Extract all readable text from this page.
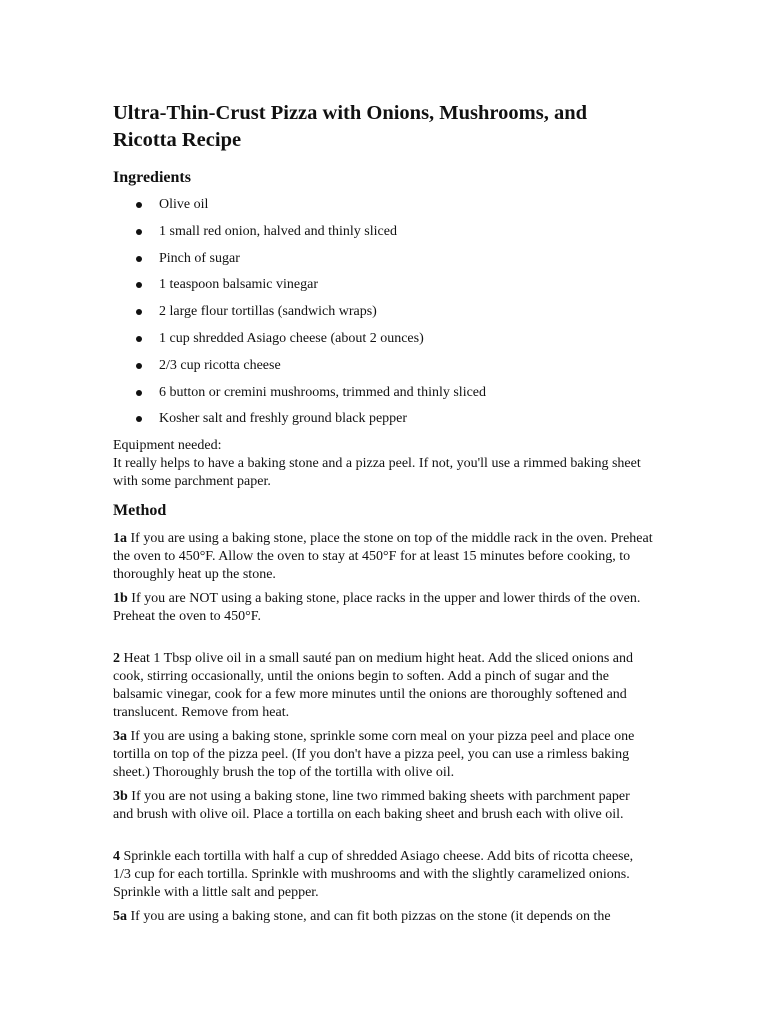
Ultra-Thin-Crust Pizza with Onions, Mushrooms, and Ricotta Recipe
Ingredients
Olive oil
1 small red onion, halved and thinly sliced
Pinch of sugar
1 teaspoon balsamic vinegar
2 large flour tortillas (sandwich wraps)
1 cup shredded Asiago cheese (about 2 ounces)
2/3 cup ricotta cheese
6 button or cremini mushrooms, trimmed and thinly sliced
Kosher salt and freshly ground black pepper

Equipment needed:
It really helps to have a baking stone and a pizza peel. If not, you'll use a rimmed baking sheet with some parchment paper.

Method

1a If you are using a baking stone, place the stone on top of the middle rack in the oven. Preheat the oven to 450°F. Allow the oven to stay at 450°F for at least 15 minutes before cooking, to thoroughly heat up the stone.

1b If you are NOT using a baking stone, place racks in the upper and lower thirds of the oven. Preheat the oven to 450°F.

2 Heat 1 Tbsp olive oil in a small sauté pan on medium hight heat. Add the sliced onions and cook, stirring occasionally, until the onions begin to soften. Add a pinch of sugar and the balsamic vinegar, cook for a few more minutes until the onions are thoroughly softened and translucent. Remove from heat.

3a If you are using a baking stone, sprinkle some corn meal on your pizza peel and place one tortilla on top of the pizza peel. (If you don't have a pizza peel, you can use a rimless baking sheet.) Thoroughly brush the top of the tortilla with olive oil.

3b If you are not using a baking stone, line two rimmed baking sheets with parchment paper and brush with olive oil. Place a tortilla on each baking sheet and brush each with olive oil.

4 Sprinkle each tortilla with half a cup of shredded Asiago cheese. Add bits of ricotta cheese, 1/3 cup for each tortilla. Sprinkle with mushrooms and with the slightly caramelized onions. Sprinkle with a little salt and pepper.

5a If you are using a baking stone, and can fit both pizzas on the stone (it depends on the
